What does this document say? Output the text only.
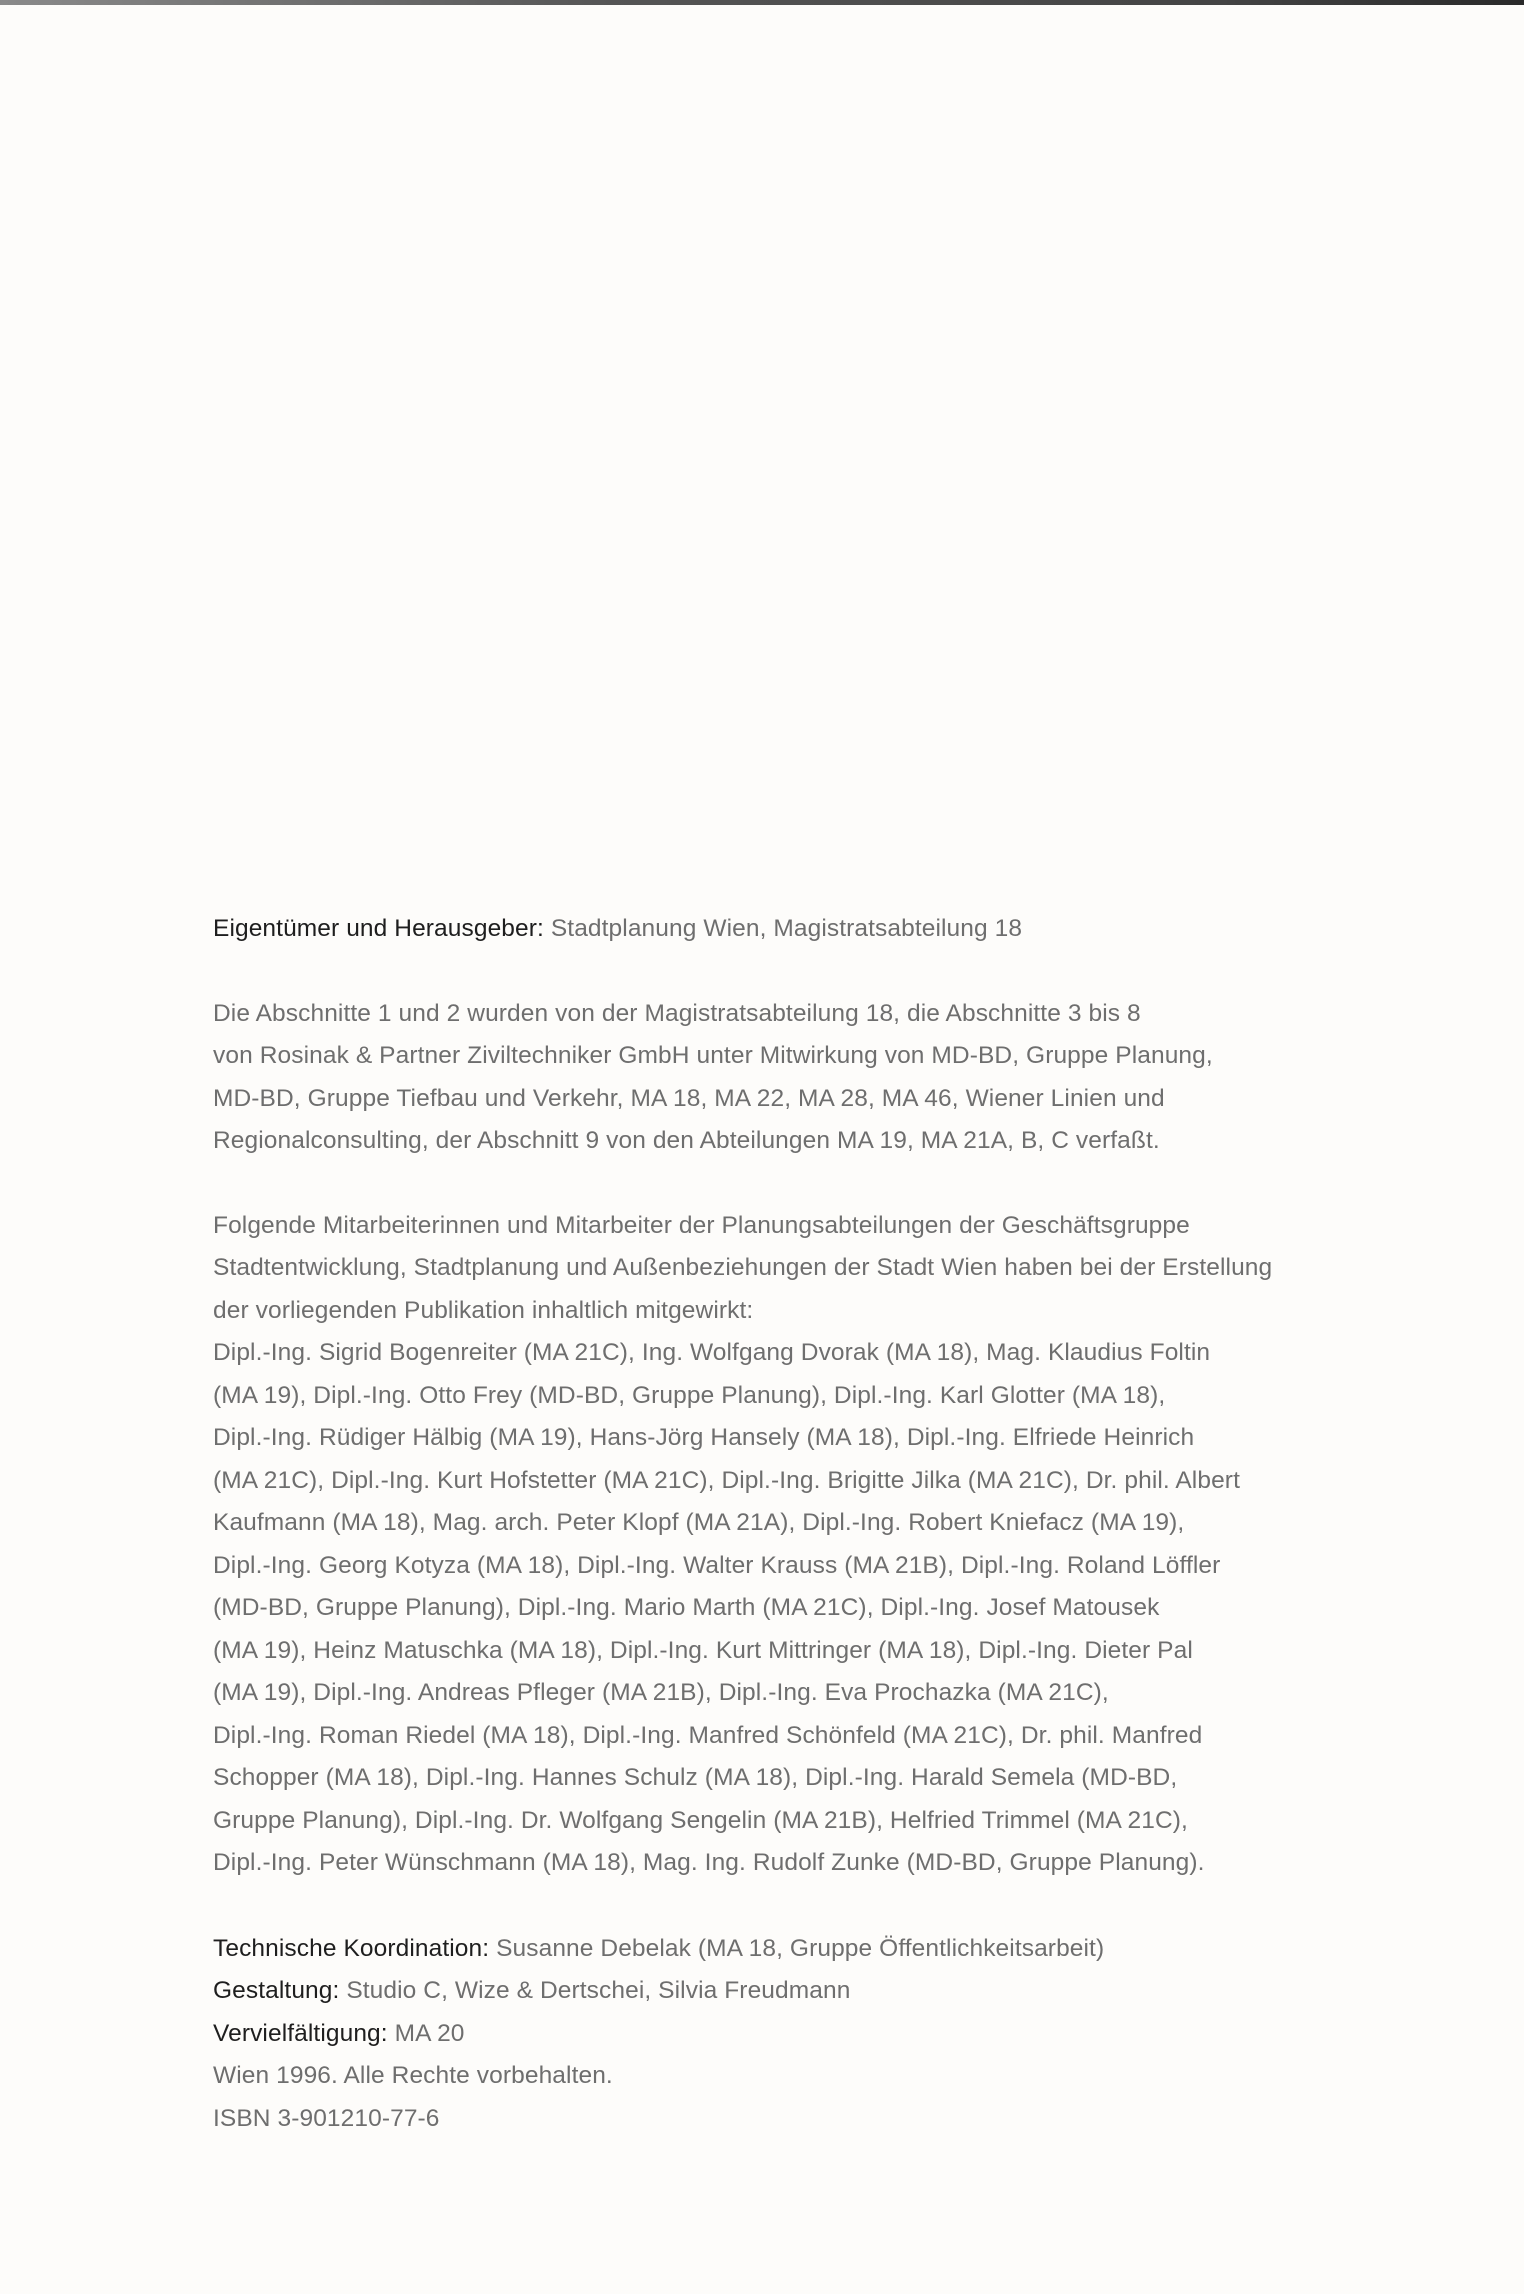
Eigentümer und Herausgeber: Stadtplanung Wien, Magistratsabteilung 18

Die Abschnitte 1 und 2 wurden von der Magistratsabteilung 18, die Abschnitte 3 bis 8
von Rosinak & Partner Ziviltechniker GmbH unter Mitwirkung von MD-BD, Gruppe Planung,
MD-BD, Gruppe Tiefbau und Verkehr, MA 18, MA 22, MA 28, MA 46, Wiener Linien und
Regionalconsulting, der Abschnitt 9 von den Abteilungen MA 19, MA 21A, B, C verfaßt.

Folgende Mitarbeiterinnen und Mitarbeiter der Planungsabteilungen der Geschäftsgruppe
Stadtentwicklung, Stadtplanung und Außenbeziehungen der Stadt Wien haben bei der Erstellung
der vorliegenden Publikation inhaltlich mitgewirkt:
Dipl.-Ing. Sigrid Bogenreiter (MA 21C), Ing. Wolfgang Dvorak (MA 18), Mag. Klaudius Foltin
(MA 19), Dipl.-Ing. Otto Frey (MD-BD, Gruppe Planung), Dipl.-Ing. Karl Glotter (MA 18),
Dipl.-Ing. Rüdiger Hälbig (MA 19), Hans-Jörg Hansely (MA 18), Dipl.-Ing. Elfriede Heinrich
(MA 21C), Dipl.-Ing. Kurt Hofstetter (MA 21C), Dipl.-Ing. Brigitte Jilka (MA 21C), Dr. phil. Albert
Kaufmann (MA 18), Mag. arch. Peter Klopf (MA 21A), Dipl.-Ing. Robert Kniefacz (MA 19),
Dipl.-Ing. Georg Kotyza (MA 18), Dipl.-Ing. Walter Krauss (MA 21B), Dipl.-Ing. Roland Löffler
(MD-BD, Gruppe Planung), Dipl.-Ing. Mario Marth (MA 21C), Dipl.-Ing. Josef Matousek
(MA 19), Heinz Matuschka (MA 18), Dipl.-Ing. Kurt Mittringer (MA 18), Dipl.-Ing. Dieter Pal
(MA 19), Dipl.-Ing. Andreas Pfleger (MA 21B), Dipl.-Ing. Eva Prochazka (MA 21C),
Dipl.-Ing. Roman Riedel (MA 18), Dipl.-Ing. Manfred Schönfeld (MA 21C), Dr. phil. Manfred
Schopper (MA 18), Dipl.-Ing. Hannes Schulz (MA 18), Dipl.-Ing. Harald Semela (MD-BD,
Gruppe Planung), Dipl.-Ing. Dr. Wolfgang Sengelin (MA 21B), Helfried Trimmel (MA 21C),
Dipl.-Ing. Peter Wünschmann (MA 18), Mag. Ing. Rudolf Zunke (MD-BD, Gruppe Planung).

Technische Koordination: Susanne Debelak (MA 18, Gruppe Öffentlichkeitsarbeit)
Gestaltung: Studio C, Wize & Dertschei, Silvia Freudmann
Vervielfältigung: MA 20
Wien 1996. Alle Rechte vorbehalten.
ISBN 3-901210-77-6
